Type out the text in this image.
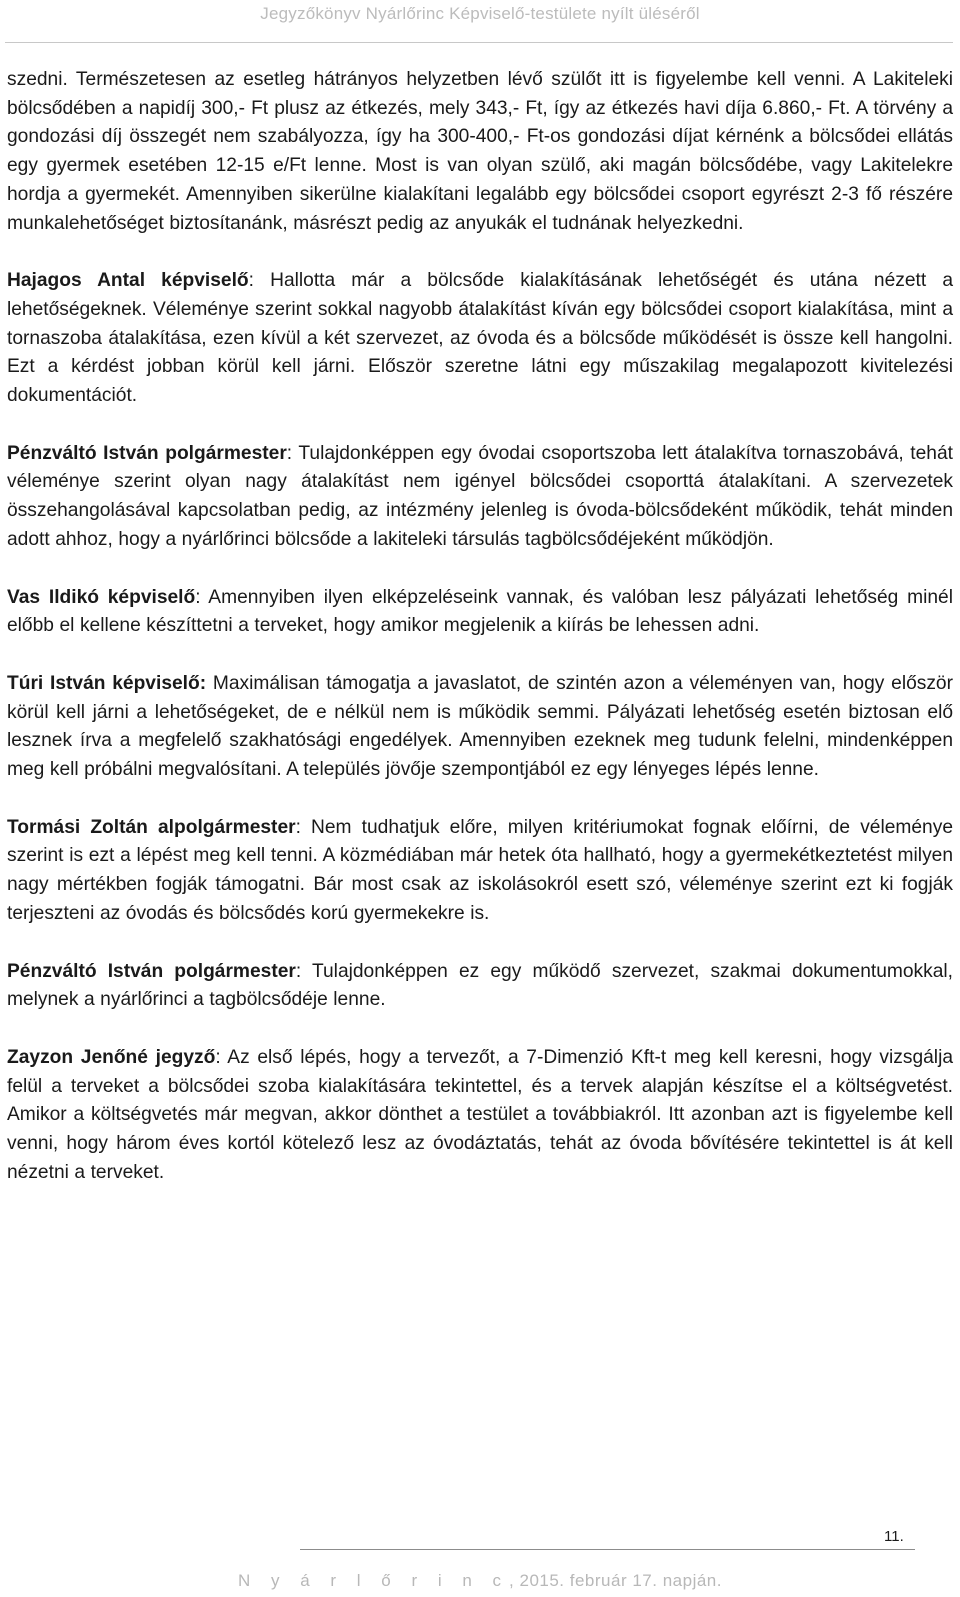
Jegyzőkönyv Nyárlőrinc Képviselő-testülete nyílt üléséről

szedni. Természetesen az esetleg hátrányos helyzetben lévő szülőt itt is figyelembe kell venni. A Lakiteleki bölcsődében a napidíj 300,- Ft plusz az étkezés, mely 343,- Ft, így az étkezés havi díja 6.860,- Ft. A törvény a gondozási díj összegét nem szabályozza, így ha 300-400,- Ft-os gondozási díjat kérnénk a bölcsődei ellátás egy gyermek esetében 12-15 e/Ft lenne. Most is van olyan szülő, aki magán bölcsődébe, vagy Lakitelekre hordja a gyermekét. Amennyiben sikerülne kialakítani legalább egy bölcsődei csoport egyrészt 2-3 fő részére munkalehetőséget biztosítanánk, másrészt pedig az anyukák el tudnának helyezkedni.

Hajagos Antal képviselő: Hallotta már a bölcsőde kialakításának lehetőségét és utána nézett a lehetőségeknek. Véleménye szerint sokkal nagyobb átalakítást kíván egy bölcsődei csoport kialakítása, mint a tornaszoba átalakítása, ezen kívül a két szervezet, az óvoda és a bölcsőde működését is össze kell hangolni. Ezt a kérdést jobban körül kell járni. Először szeretne látni egy műszakilag megalapozott kivitelezési dokumentációt.

Pénzváltó István polgármester: Tulajdonképpen egy óvodai csoportszoba lett átalakítva tornaszobává, tehát véleménye szerint olyan nagy átalakítást nem igényel bölcsődei csoporttá átalakítani. A szervezetek összehangolásával kapcsolatban pedig, az intézmény jelenleg is óvoda-bölcsődeként működik, tehát minden adott ahhoz, hogy a nyárlőrinci bölcsőde a lakiteleki társulás tagbölcsődéjeként működjön.

Vas Ildikó képviselő: Amennyiben ilyen elképzeléseink vannak, és valóban lesz pályázati lehetőség minél előbb el kellene készíttetni a terveket, hogy amikor megjelenik a kiírás be lehessen adni.

Túri István képviselő: Maximálisan támogatja a javaslatot, de szintén azon a véleményen van, hogy először körül kell járni a lehetőségeket, de e nélkül nem is működik semmi. Pályázati lehetőség esetén biztosan elő lesznek írva a megfelelő szakhatósági engedélyek. Amennyiben ezeknek meg tudunk felelni, mindenképpen meg kell próbálni megvalósítani. A település jövője szempontjából ez egy lényeges lépés lenne.

Tormási Zoltán alpolgármester: Nem tudhatjuk előre, milyen kritériumokat fognak előírni, de véleménye szerint is ezt a lépést meg kell tenni. A közmédiában már hetek óta hallható, hogy a gyermekétkeztetést milyen nagy mértékben fogják támogatni. Bár most csak az iskolásokról esett szó, véleménye szerint ezt ki fogják terjeszteni az óvodás és bölcsődés korú gyermekekre is.

Pénzváltó István polgármester: Tulajdonképpen ez egy működő szervezet, szakmai dokumentumokkal, melynek a nyárlőrinci a tagbölcsődéje lenne.

Zayzon Jenőné jegyző: Az első lépés, hogy a tervezőt, a 7-Dimenzió Kft-t meg kell keresni, hogy vizsgálja felül a terveket a bölcsődei szoba kialakítására tekintettel, és a tervek alapján készítse el a költségvetést. Amikor a költségvetés már megvan, akkor dönthet a testület a továbbiakról. Itt azonban azt is figyelembe kell venni, hogy három éves kortól kötelező lesz az óvodáztatás, tehát az óvoda bővítésére tekintettel is át kell nézetni a terveket.

11.
N y á r l ő r i n c, 2015. február 17. napján.
